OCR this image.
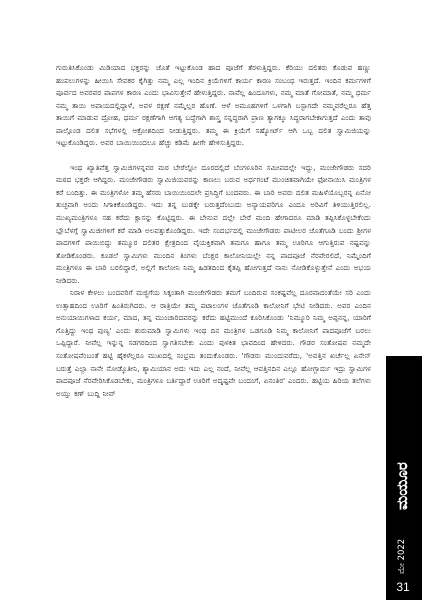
ಗುರುತಿಸಿಕೊಂಡು ಮಿಡಿಯಾದ ಭಕ್ತರನ್ನು ಜೊತೆ ಇಟ್ಟುಕೊಂಡ ಹಾದ ಪೂಜೆಗೆ ತೆರಳುತ್ತಿದ್ದರು. ಕೆರಿಯು ದಲಿತರು ಕೊಡುವ ಹಣ್ಣು ಹಂಪಲುಗಳನ್ನು ಹೀಯಿಸಿ ಸೇವಕರ ಕೈಗಿತ್ತು ನಮ್ಮ ಎಲ್ಲ ಇಂದಿನ ಕ್ರಿಯೆಗಳಿಗೆ ಕಾರ್ಯ ಕಾರಣ ಸಂಬಂಧ ಇರುತ್ತದೆ. ಇಂದಿನ ಕರ್ಮಗಳಿಗೆ ಪೂರ್ವದ ಅವರವರ ಪಾಪಗಳ ಕಾರಣ ಎಂದು ಭಾವಿಸುತ್ತೇನೆ ಹೇಳುತ್ತಿದ್ದರು. ನಾವೆಲ್ಲ ಹಿಂದೂಗಳು, ನಮ್ಮ ಮಾತೆ ಗೋಮಾತೆ, ನಮ್ಮ ಧರ್ಮ ನಮ್ಮ ತಾಯಿ ಅಪಾಯದಲ್ಲಿದ್ದಾಳೆ, ಅವಳ ರಕ್ಷಣೆ ನಮ್ಮೆಲ್ಲರ ಹೊಣೆ. ಆಳೆ ಅಮೂಹಗಳಿಗೆ ಒಳಗಾಗಿ ಬಸ್ಟಾಗದೇ ನಮ್ಮವರೆಲ್ಲರೂ ಹೆತ್ತ ತಾಯಿಗೆ ಮಾಡುವ ದ್ರೋಹ, ಧರ್ಮ ರಕ್ಷಣೆಗಾಗಿ ಆಗತ್ಯ ಬದ್ಧೆಗಾಗಿ ಶಾಸ್ತ್ರ ಸನ್ನದ್ಧರಾಗಿ ಪ್ರಾಣ ತ್ಯಾಗಕ್ಕೂ ಸಿದ್ಧರಾಗಬೇಕಾಗುತ್ತದೆ ಎಂದು ತಾವು ಪಾಲ್ಗೊಂಡ ದಲಿತ ಸಭೆಗಳಲ್ಲಿ ಆಕ್ರೋಶದಿಂದ ನೀಡುತ್ತಿದ್ದರು. ತಮ್ಮ ಈ ಕ್ರಿಯೆಗೆ ಸಹ್ಯೋರ್ಟ್ ಆಗಿ ಒಬ್ಬ ದಲಿತ ಸ್ವಾಮಿಜಿಯನ್ನು ಇಟ್ಟುಕೊಂಡಿದ್ದರು. ಅವರ ಬಾಯಿಯಿಂದಲೂ ಹೆಚ್ಚು ಕಡಿಮೆ ಹೀಗೇ ಹೇಳಿಸುತ್ತಿದ್ದರು.

ಇಂಥ ಖ್ಯಾತಿವೆತ್ತ ಸ್ವಾಮಿಜಿಗಳನ್ನವರ ಮಠ ಬೇರೆಲ್ಲೋ ದೂರದಲ್ಲಿದೆ ಬೆಂಗಳೂರಿನ ಸಮೀಪದಲ್ಲೇ ಇದ್ದು, ಮಂಜೇಗೌಡರು ಸದರಿ ಮಠದ ಭಕ್ತರೇ ಆಗಿದ್ದರು. ಮಂಜೇಗೌಡರು ಸ್ವಾಮಿಜಿಯವರನ್ನು ಕಾಣಲು ಬರುವ ಅರ್ಧಗಂಟೆ ಮುಂಚಿತವಾಗಿಯೇ ಫೋನಾಯಿಸಿ ಮಂತ್ರಿಗಳ ಕರೆ ಬಂದಿತ್ತು. ಈ ಮಂತ್ರಿಗಳೋ ತಮ್ಮ ಹೆಸರು ಬಾಯಿಯಿಂದಲೇ ಪ್ರಸಿದ್ಧಿಗೆ ಬಂದವರು. ಈ ಬಾರಿ ಅವರು ದಲಿತ ಮಹಿಳೆಯೊಬ್ಬರನ್ನ ಏನೋ ತುಚ್ಛವಾಗಿ ಅಂದು ಸಿಗಾಕಿಕೊಂಡಿದ್ದರು. ಇದು ತನ್ನ ಬುಡಕ್ಕೇ ಬರುತ್ತದೆಂಬುದು ಅನ್ಯಾಯವರಿಗೂ ಎಂದೂ ಅರಿವಿಗೆ ತಿಳಿಯುತ್ತಿರಲಿಲ್ಲ. ಮುಖ್ಯಮಂತ್ರಿಗಳೂ ಸಹ ಕರೆದು ಕ್ಲಾಸನ್ನು ಕೊಟ್ಟಿದ್ದರು. ಈ ಬೇನುವ ದಲ್ಲೇ ಬೇರೆ ಮಂದಿ ಹೇಗಾದರೂ ಮಾಡಿ ತಪ್ಪಿಸಿಕೊಳ್ಳಬೇಕೆಂದು ಬ್ಲೌಬೆಳಗ್ಗೆ ಸ್ವಾಮಿಜೀಗಳಿಗೆ ಕರೆ ಮಾಡಿ ಅಲವತ್ತುಕೊಂಡಿದ್ದರು. ಇದೇ ಸಂದರ್ಭದಲ್ಲಿ ಮಂಜೇಗೌಡರು ಪಾಟೀಲರ ಜೊತೆಗೂಡಿ ಬಂದು ಶ್ರೀಗಳ ಪಾದಗಳಿಗೆ ಪಾಯಿಬಿದ್ದು ತಮ್ಮೂರ ದಲಿತರ ಕ್ಷೇತ್ರದಿಂದ ವೈಯಕ್ತಿಕವಾಗಿ ತಮಗೂ ಹಾಗೂ ತಮ್ಮ ಊರಿಗೂ ಆಗುತ್ತಿರುವ ನಷ್ಟವನ್ನು ತೋಡಿಕೊಂಡರು. ಕೂಡಲೆ ಸ್ವಾಮಿಗಳು ಮುಂದಿನ ತಿಂಗಳು ಬೆಂಕ್ಷರ ಕಾಲೋನಿಯಲ್ಲೇ ನನ್ನ ಪಾದಪೂಜೆ ನೆರವೇರಲಿದೆ, ನಿಮ್ಮೆಂದಿಗೆ ಮಂತ್ರಿಗಳೂ ಈ ಬಾರಿ ಬರಲಿದ್ದಾರೆ, ಅಲ್ಲಿಗೆ ಕಾಲೋನಿ ನಿಮ್ಮ ಹಿಡತದಿಂದ ಕೈತಪ್ಪಿ ಹೋಗುತ್ತದೆ ನಾನು ನೋಡಿಕೊಳ್ಳುತ್ತೇನೆ ಎಂದು ಅಭಯ ನೀಡಿದರು.

ನಿರಾಳ ಕೇಳಲು ಬಂದವರಿಗೆ ಮಜ್ಜಿಗೆಯ ಸಿಕ್ಕಂತಾಗಿ ಮಂಜೇಗೌಡರು ತಮಗೆ ಬಂದಿರುವ ಸಂಕಷ್ಟವೆಲ್ಲ ದೂರವಾದಂತೆಯೇ ಸರಿ ಎಂದು ಉತ್ಸಾಹದಿಂದ ಊರಿಗೆ ಹಿಂತಿರುಗಿದರು. ಆ ರಾತ್ರಿಯೇ ತಮ್ಮ ಪಟಾಲಂಗಳ ಜೊತೆಗೂಡಿ ಕಾಲೋನಿಗೆ ಭೇಟಿ ನೀಡಿದರು. ಅವರ ಎಂದಿನ ಅನುಯಾಯಿಗಳಾದ ಕರ್ಯ, ಮಾದ, ತನ್ನ ಮುಂಚಾರಿದವರನ್ನು ಕರೆದು ಹಟ್ಟಿಮುಂದೆ ಕೂರಿಸಿಕೊಂಡು ‘ನಿಮ್ಮೂರಿ ನಿಮ್ಮ ಅಪ್ಪನನ್ನ, ಯಾರಿಗೆ ಗೊತ್ತಿದ್ದು ಇಂಥ ಪುಣ್ಯ' ಎಂದು ಶುರುಮಾಡಿ ಸ್ವಾಮಿಗಳು ಇಂಥ ದಿನ ಮಂತ್ರಿಗಳ ಒಡಗೂಡಿ ನಿಮ್ಮ ಕಾಲೋನಿಗೆ ಪಾದಪೂಜೆಗೆ ಬರಲು ಒಪ್ಪಿದ್ದಾರೆ. ನೀವೆಲ್ಲ ಇನ್ನುನ್ನ ಸಡಗರದಿಂದ ಸ್ವಾಗತಿಸಬೇಕು ಎಂದು ಪುಳಕಿತ ಭಾವದಿಂದ ಹೇಳಿದರು. ಗೌಡರ ಸಂತೋಷವ ನಮ್ಮದೇ ಸಂತೋಷವೆಂಬಂತೆ ಹಟ್ಟಿ ಹೈಕಳೆಲ್ಲರೂ ಮುಖದಲ್ಲಿ ಸಂಭ್ರಮ ತಂದುಕೊಂಡರು. 'ಗೌಡರು ಮುಂದುವರೆದು, 'ಅವತ್ತಿನ ಖರ್ಚೆಲ್ಲ ಏನೇನ್ ಬರುತ್ತೆ ಎಲ್ಲಾ ನಾನೇ ನೋಡ್ಕೊತೀನಿ, ಶ್ಯಾಮಿಯಾನ ಅದು ಇದು ಎಲ್ಲ ನಂದೆ, ನೀವೆಲ್ಲ ಆವತ್ತಿನದಿನ ಎಲ್ಲೂ ಹೋಗ್ಬಾರ್ದು ಇದ್ರು ಸ್ವಾಮಿಗಳ ಪಾದಪೂಜೆ ನೆರವೇರಿಸಿಕೊಡಬೇಕು, ಮಂತ್ರಿಗಳೂ ಬರ್ತಿದ್ದಾರೆ ಊರಿಗೆ ಅದೃಷ್ಟವೇ ಬಂದಂಗೆ, ಏನಂತಿರ' ಎಂದರು. ಹಟ್ಟಿಯ ಹಿರಿಯ ತಲೆಗಳು ಅಯ್ತು ಕಣ್ ಬುದ್ದಿ ನೀವ್

ಮಯೂರ
ಮೇ 2022
31
